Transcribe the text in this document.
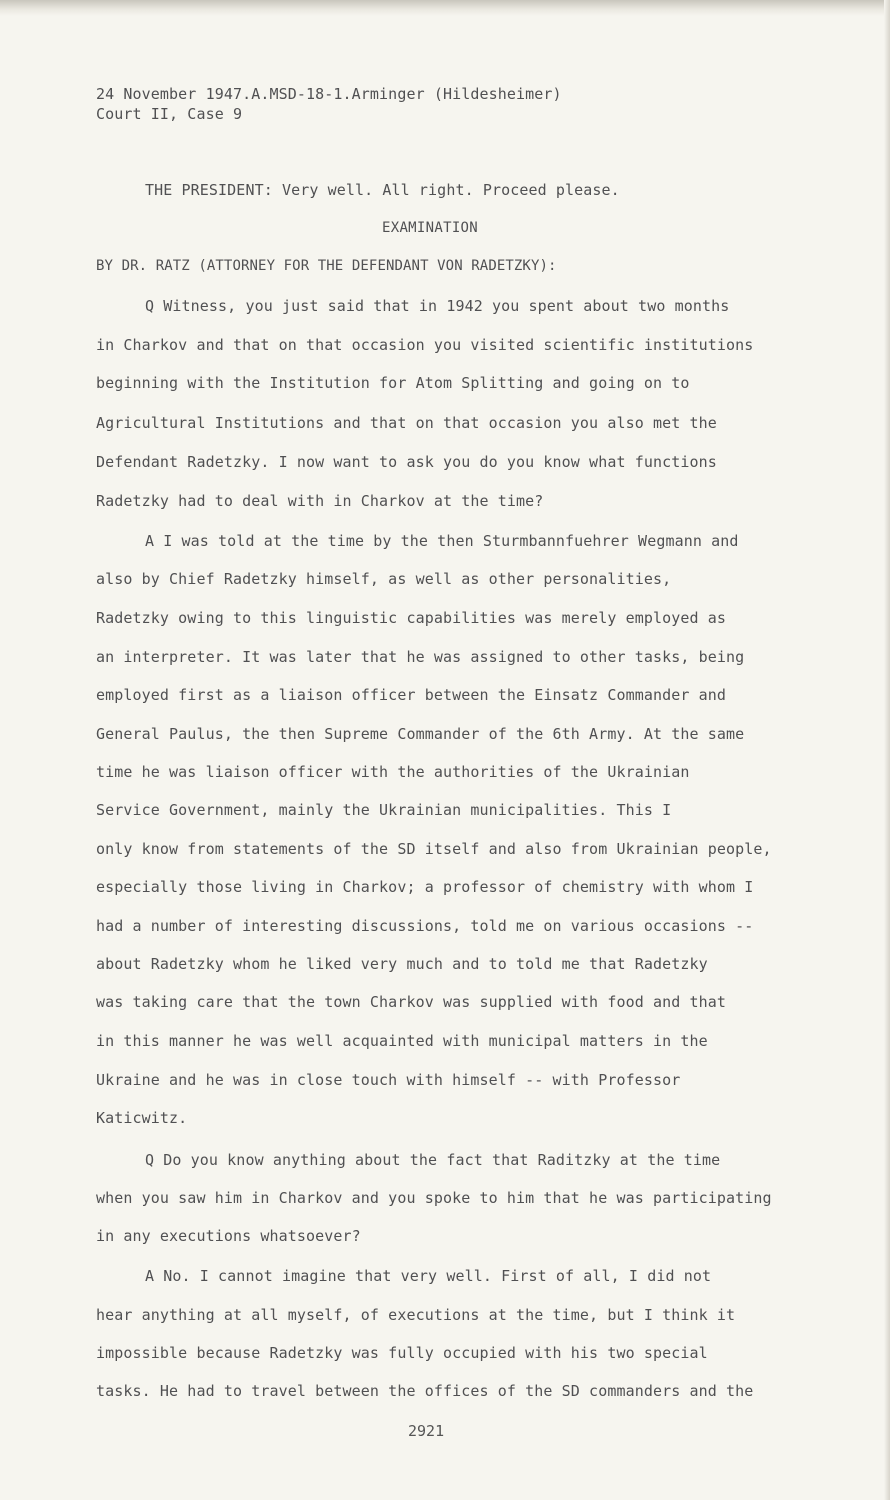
24 November 1947.A.MSD-18-1.Arminger (Hildesheimer)
Court II, Case 9
THE PRESIDENT: Very well. All right. Proceed please.
EXAMINATION
BY DR. RATZ (ATTORNEY FOR THE DEFENDANT VON RADETZKY):
Q Witness, you just said that in 1942 you spent about two months
in Charkov and that on that occasion you visited scientific institutions
beginning with the Institution for Atom Splitting and going on to
Agricultural Institutions and that on that occasion you also met the
Defendant Radetzky. I now want to ask you do you know what functions
Radetzky had to deal with in Charkov at the time?
A I was told at the time by the then Sturmbannfuehrer Wegmann and
also by Chief Radetzky himself, as well as other personalities,
Radetzky owing to this linguistic capabilities was merely employed as
an interpreter. It was later that he was assigned to other tasks, being
employed first as a liaison officer between the Einsatz Commander and
General Paulus, the then Supreme Commander of the 6th Army. At the same
time he was liaison officer with the authorities of the Ukrainian
Service Government, mainly the Ukrainian municipalities. This I
only know from statements of the SD itself and also from Ukrainian people,
especially those living in Charkov; a professor of chemistry with whom I
had a number of interesting discussions, told me on various occasions --
about Radetzky whom he liked very much and to told me that Radetzky
was taking care that the town Charkov was supplied with food and that
in this manner he was well acquainted with municipal matters in the
Ukraine and he was in close touch with himself -- with Professor
Katicwitz.
Q Do you know anything about the fact that Raditzky at the time
when you saw him in Charkov and you spoke to him that he was participating
in any executions whatsoever?
A No. I cannot imagine that very well. First of all, I did not
hear anything at all myself, of executions at the time, but I think it
impossible because Radetzky was fully occupied with his two special
tasks. He had to travel between the offices of the SD commanders and the
2921
